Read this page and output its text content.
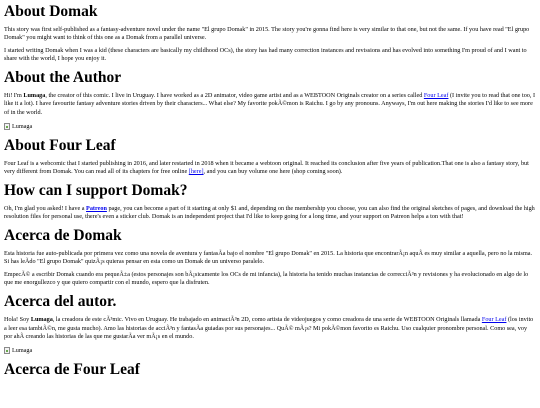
About Domak

This story was first self-published as a fantasy-adventure novel under the name "El grupo Domak" in 2015. The story you're gonna find here is very similar to that one, but not the same. If you have read "El grupo Domak" you might want to think of this one as a Domak from a parallel universe.

I started writing Domak when I was a kid (these characters are basically my childhood OCs), the story has had many correction instances and revissions and has evolved into something I'm proud of and I want to share with the world, I hope you enjoy it.

About the Author

Hi! I'm Lumaga, the creator of this comic. I live in Uruguay. I have worked as a 2D animator, video game artist and as a WEBTOON Originals creator on a series called Four Leaf (I invite you to read that one too, I like it a lot). I have favourite fantasy adventure stories driven by their characters... What else? My favorite pokÃ©mon is Raichu. I go by any pronouns. Anyways, I'm out here making the stories I'd like to see more of in the world.

Lumaga
About Four Leaf

Four Leaf is a webcomic that I started publishing in 2016, and later restarted in 2018 when it became a webtoon original. It reached its conclusion after five years of publication.That one is also a fantasy story, but very different from Domak. You can read all of its chapters for free online [here], and you can buy volume one here (shop coming soon).

How can I support Domak?

Oh, I'm glad you asked! I have a Patreon page, you can become a part of it starting at only $1 and, depending on the membership you choose, you can also find the original sketches of pages, and download the high resolution files for personal use, there's even a sticker club. Domak is an independent project that I'd like to keep going for a long time, and your support on Patreon helps a ton with that!

Acerca de Domak

Esta historia fue auto-publicada por primera vez como una novela de aventura y fantasÃa bajo el nombre "El grupo Domak" en 2015. La historia que encontrarÃ¡n aquÃ es muy similar a aquella, pero no la misma. Si has leÃdo "El grupo Domak" quizÃ¡s quieras pensar en esta como un Domak de un universo paralelo.

EmpecÃ© a escribir Domak cuando era pequeÃ±a (estos personajes son bÃ¡sicamente los OCs de mi infancia), la historia ha tenido muchas instancias de correcciÃ³n y revisiones y ha evolucionado en algo de lo que me enorgullezco y que quiero compartir con el mundo, espero que la disfruten.

Acerca del autor.

Hola! Soy Lumaga, la creadora de este cÃ³mic. Vivo en Uruguay. He trabajado en animaciÃ³n 2D, como artista de videojuegos y como creadora de una serie de WEBTOON Originals llamada Four Leaf (los invito a leer esa tambiÃ©n, me gusta mucho). Amo las historias de acciÃ³n y fantasÃa guiadas por sus personajes... QuÃ© mÃ¡s? Mi pokÃ©mon favorito es Raichu. Uso cualquier pronombre personal. Como sea, voy por ahÃ creando las historias de las que me gustarÃa ver mÃ¡s en el mundo.

Lumaga
Acerca de Four Leaf
